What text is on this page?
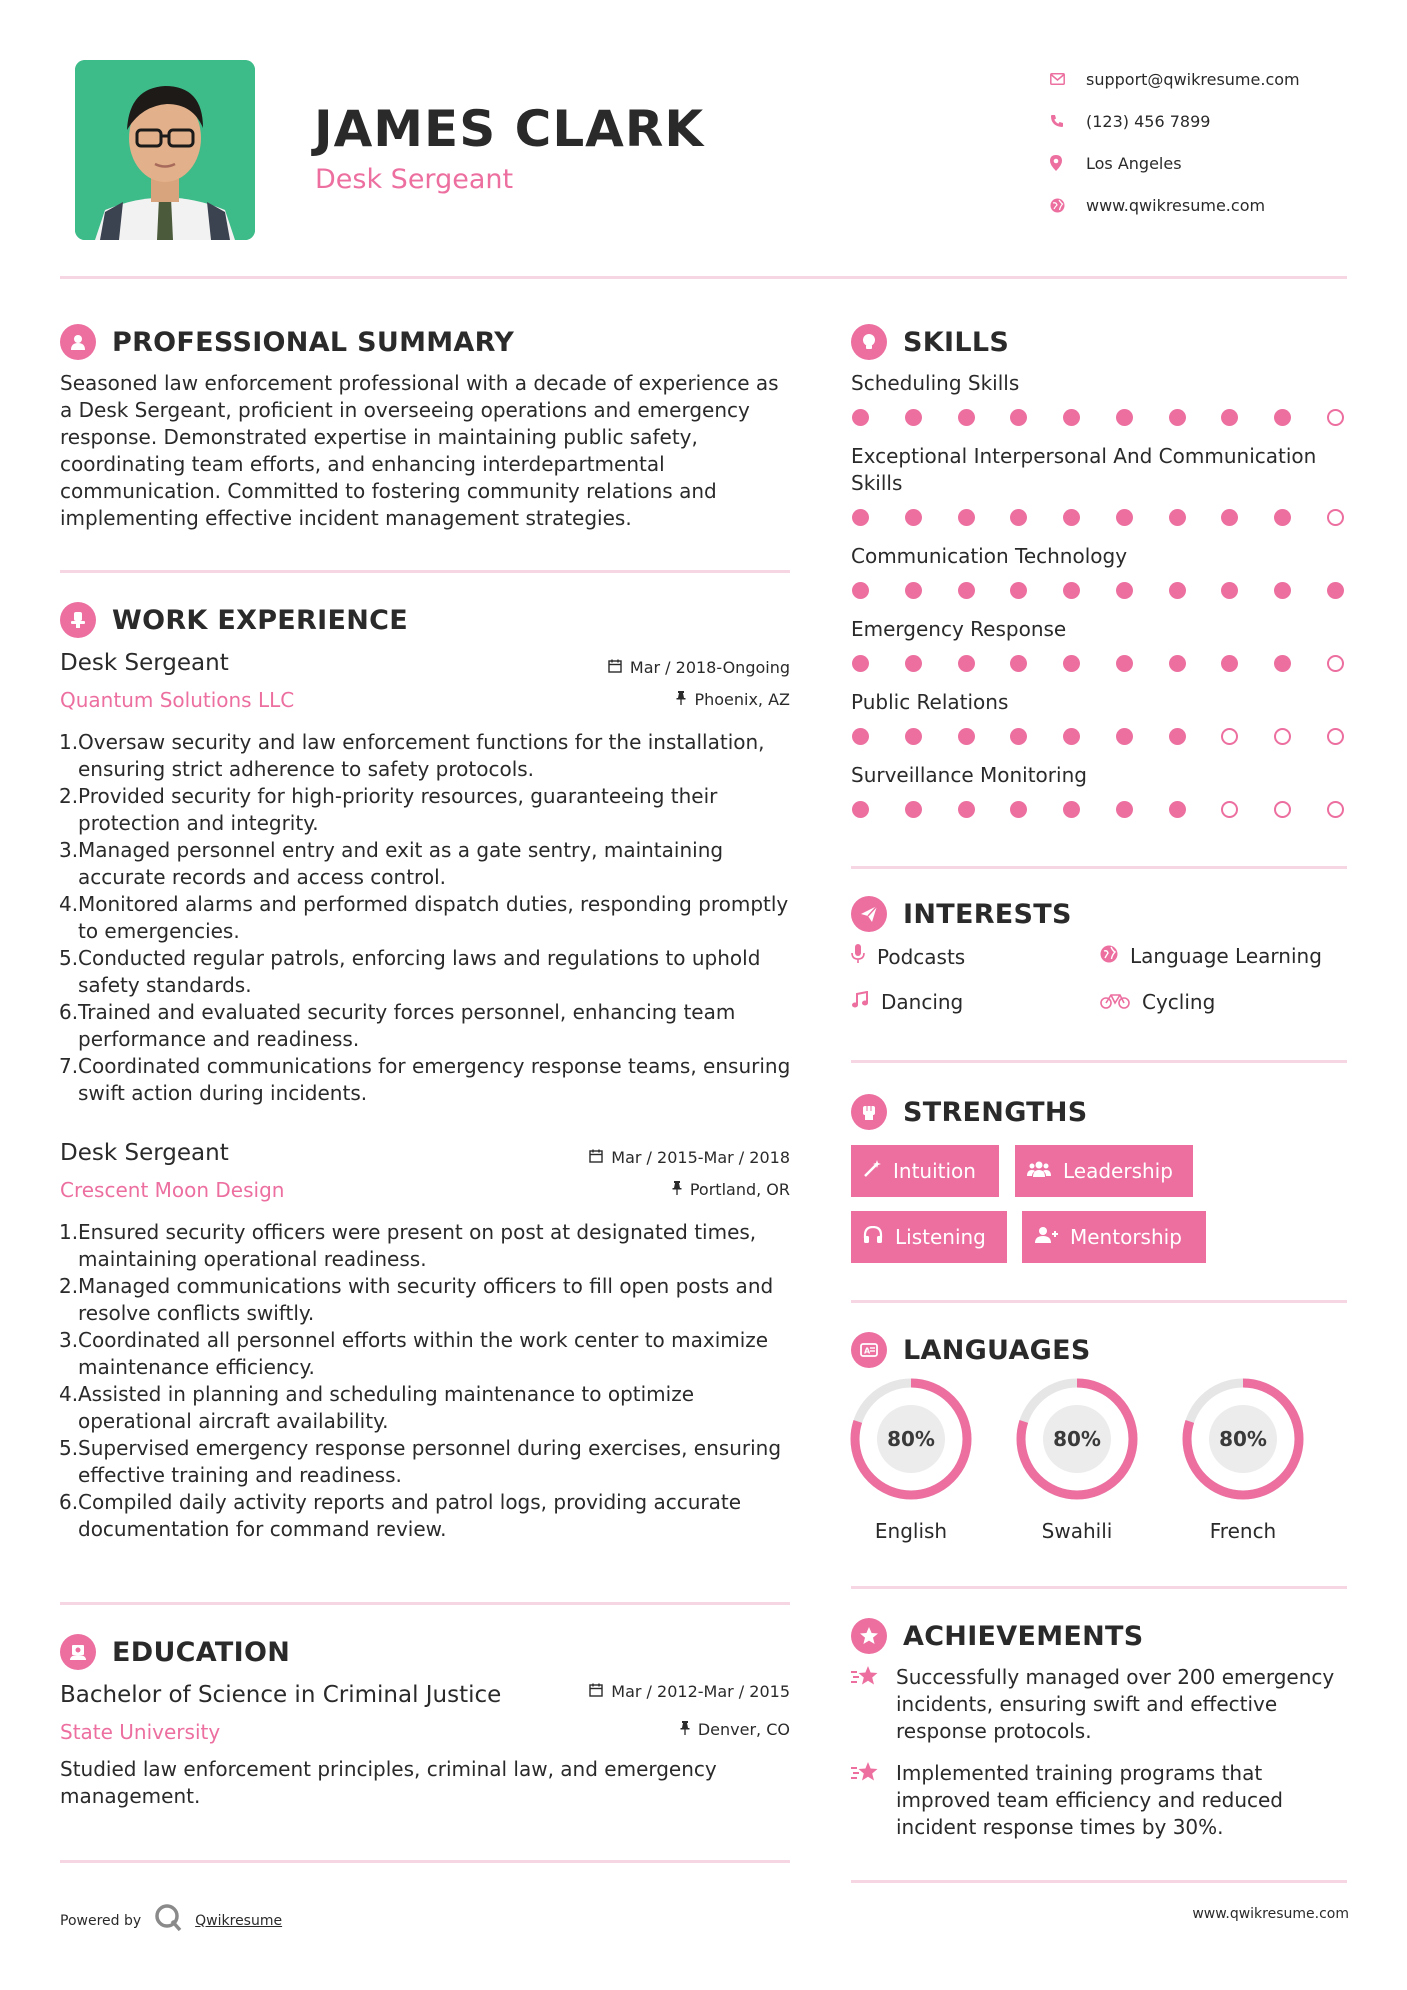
JAMES CLARK
Desk Sergeant
support@qwikresume.com
(123) 456 7899
Los Angeles
www.qwikresume.com
PROFESSIONAL SUMMARY
Seasoned law enforcement professional with a decade of experience as a Desk Sergeant, proficient in overseeing operations and emergency response. Demonstrated expertise in maintaining public safety, coordinating team efforts, and enhancing interdepartmental communication. Committed to fostering community relations and implementing effective incident management strategies.
WORK EXPERIENCE
Desk Sergeant	Mar / 2018-Ongoing
Quantum Solutions LLC	Phoenix, AZ
1. Oversaw security and law enforcement functions for the installation, ensuring strict adherence to safety protocols.
2. Provided security for high-priority resources, guaranteeing their protection and integrity.
3. Managed personnel entry and exit as a gate sentry, maintaining accurate records and access control.
4. Monitored alarms and performed dispatch duties, responding promptly to emergencies.
5. Conducted regular patrols, enforcing laws and regulations to uphold safety standards.
6. Trained and evaluated security forces personnel, enhancing team performance and readiness.
7. Coordinated communications for emergency response teams, ensuring swift action during incidents.
Desk Sergeant	Mar / 2015-Mar / 2018
Crescent Moon Design	Portland, OR
1. Ensured security officers were present on post at designated times, maintaining operational readiness.
2. Managed communications with security officers to fill open posts and resolve conflicts swiftly.
3. Coordinated all personnel efforts within the work center to maximize maintenance efficiency.
4. Assisted in planning and scheduling maintenance to optimize operational aircraft availability.
5. Supervised emergency response personnel during exercises, ensuring effective training and readiness.
6. Compiled daily activity reports and patrol logs, providing accurate documentation for command review.
EDUCATION
Bachelor of Science in Criminal Justice	Mar / 2012-Mar / 2015
State University	Denver, CO
Studied law enforcement principles, criminal law, and emergency management.
SKILLS
Scheduling Skills
Exceptional Interpersonal And Communication Skills
Communication Technology
Emergency Response
Public Relations
Surveillance Monitoring
INTERESTS
Podcasts	Language Learning
Dancing	Cycling
STRENGTHS
Intuition	Leadership
Listening	Mentorship
A LANGUAGES
80%
English
80%
Swahili
80%
French
ACHIEVEMENTS
Successfully managed over 200 emergency incidents, ensuring swift and effective response protocols.
Implemented training programs that improved team efficiency and reduced incident response times by 30%.
Powered by	Qwikresume	www.qwikresume.com
